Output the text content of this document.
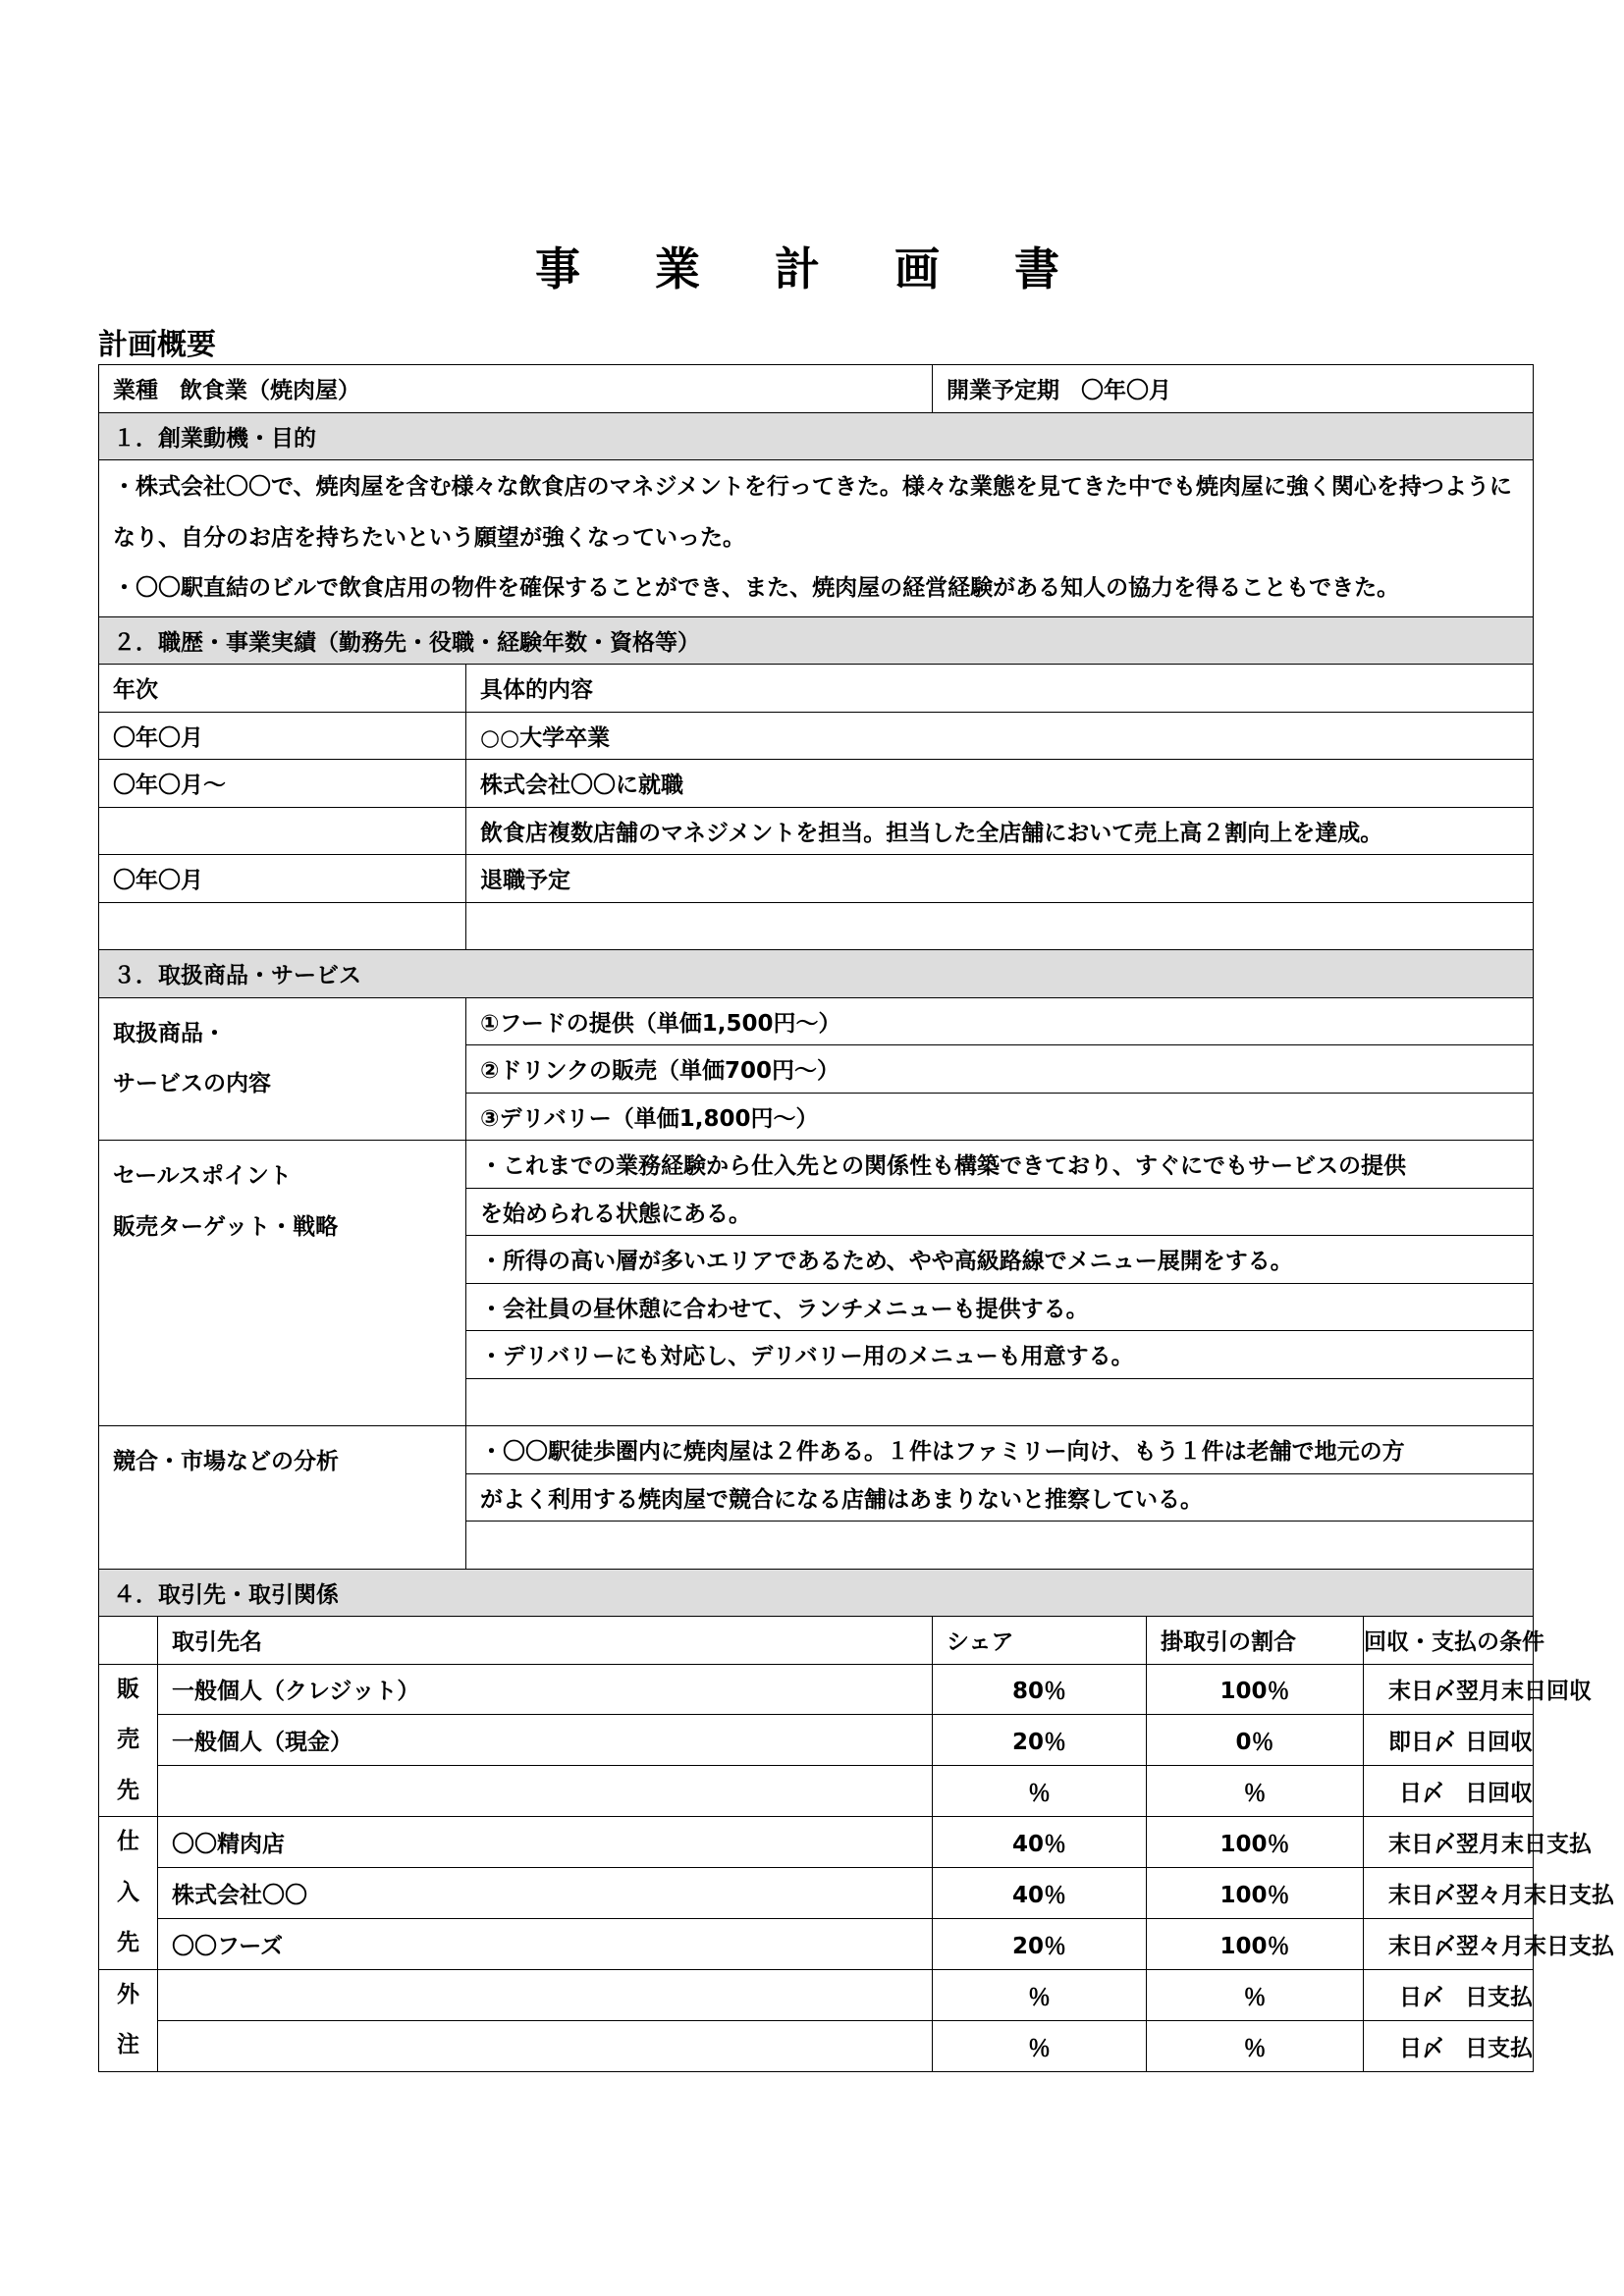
事 業 計 画 書
計画概要
業種 飲食業（焼肉屋）			開業予定期 〇年〇月		
１．創業動機・目的					

・株式会社〇〇で、焼肉屋を含む様々な飲食店のマネジメントを行ってきた。様々な業態を見てきた中でも焼肉屋に強く関心を持つようになり、自分のお店を持ちたいという願望が強くなっていった。
・〇〇駅直結のビルで飲食店用の物件を確保することができ、また、焼肉屋の経営経験がある知人の協力を得ることもできた。					

２．職歴・事業実績（勤務先・役職・経験年数・資格等）					
年次		具体的内容			
〇年〇月		○○大学卒業			
〇年〇月～		株式会社〇〇に就職			
		飲食店複数店舗のマネジメントを担当。担当した全店舗において売上高２割向上を達成。			
〇年〇月		退職予定			

３．取扱商品・サービス					

取扱商品・
サービスの内容		①フードの提供（単価1,500円～）			
		②ドリンクの販売（単価700円～）			
		③デリバリー（単価1,800円～）			

セールスポイント
販売ターゲット・戦略		・これまでの業務経験から仕入先との関係性も構築できており、すぐにでもサービスの提供			
		を始められる状態にある。			
		・所得の高い層が多いエリアであるため、やや高級路線でメニュー展開をする。			
		・会社員の昼休憩に合わせて、ランチメニューも提供する。			
		・デリバリーにも対応し、デリバリー用のメニューも用意する。			

競合・市場などの分析		・〇〇駅徒歩圏内に焼肉屋は２件ある。１件はファミリー向け、もう１件は老舗で地元の方			
		がよく利用する焼肉屋で競合になる店舗はあまりないと推察している。			

４．取引先・取引関係					
	取引先名		シェア	掛取引の割合	回収・支払の条件

販
売
先	一般個人（クレジット）		80％	100％	末 日〆 翌月末 日回収

	一般個人（現金）		20％	0％	即 日〆 日回収

			％	％	日〆 日回収

仕
入
先	〇〇精肉店		40％	100％	末 日〆 翌月末 日支払

	株式会社〇〇		40％	100％	末 日〆 翌々月末 日支払

	〇〇フーズ		20％	100％	末 日〆 翌々月末 日支払

外
注			％	％	日〆 日支払

			％	％	日〆 日支払
